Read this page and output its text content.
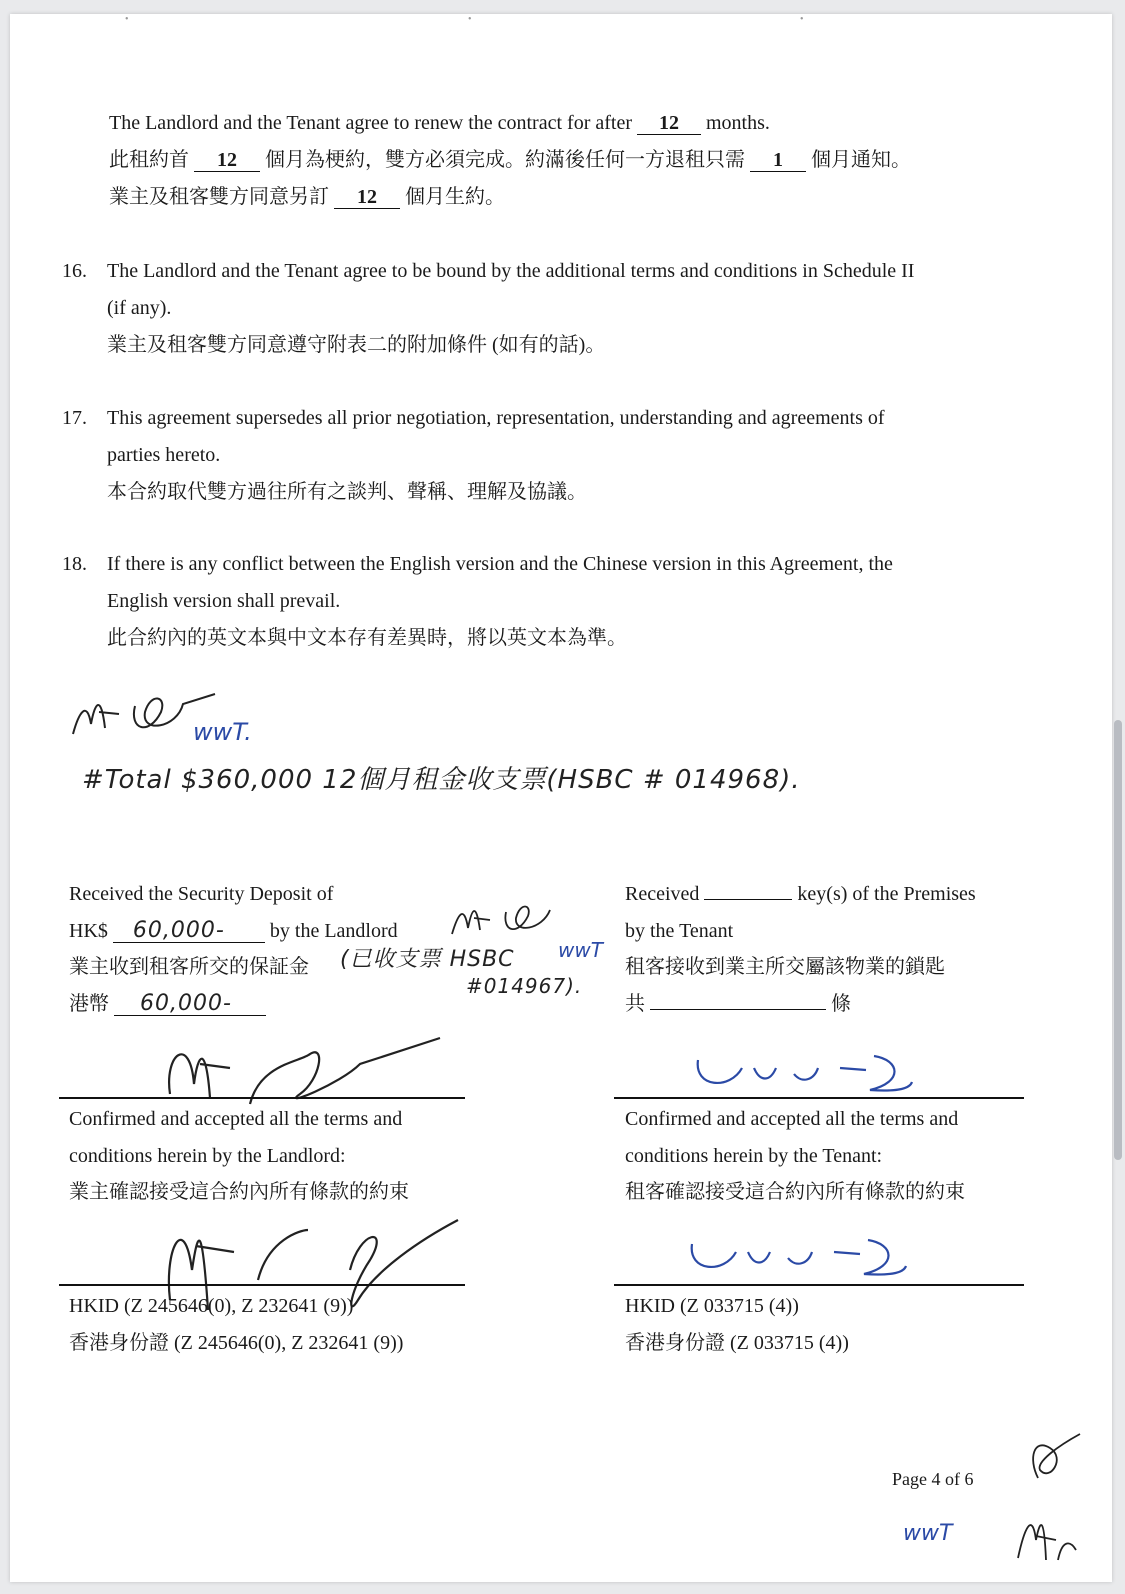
•	•	•
The Landlord and the Tenant agree to renew the contract for after 12 months.
此租約首 12 個月為梗約，雙方必須完成。約滿後任何一方退租只需 1 個月通知。
業主及租客雙方同意另訂 12 個月生約。
16. The Landlord and the Tenant agree to be bound by the additional terms and conditions in Schedule II
(if any).
業主及租客雙方同意遵守附表二的附加條件 (如有的話)。
17. This agreement supersedes all prior negotiation, representation, understanding and agreements of
parties hereto.
本合約取代雙方過往所有之談判、聲稱、理解及協議。
18. If there is any conflict between the English version and the Chinese version in this Agreement, the
English version shall prevail.
此合約內的英文本與中文本存有差異時，將以英文本為準。
wwT.
#Total $360,000 12個月租金收支票(HSBC # 014968).
Received the Security Deposit of
HK$ 60,000- by the Landlord
業主收到租客所交的保証金
港幣 60,000-
(已收支票 HSBC
#014967).
wwT
Received	key(s) of the Premises
by the Tenant
租客接收到業主所交屬該物業的鎖匙
共	條
Confirmed and accepted all the terms and
conditions herein by the Landlord:
業主確認接受這合約內所有條款的約束
Confirmed and accepted all the terms and
conditions herein by the Tenant:
租客確認接受這合約內所有條款的約束
HKID (Z 245646(0), Z 232641 (9))
香港身份證 (Z 245646(0), Z 232641 (9))
HKID (Z 033715 (4))
香港身份證 (Z 033715 (4))
Page 4 of 6
wwT
